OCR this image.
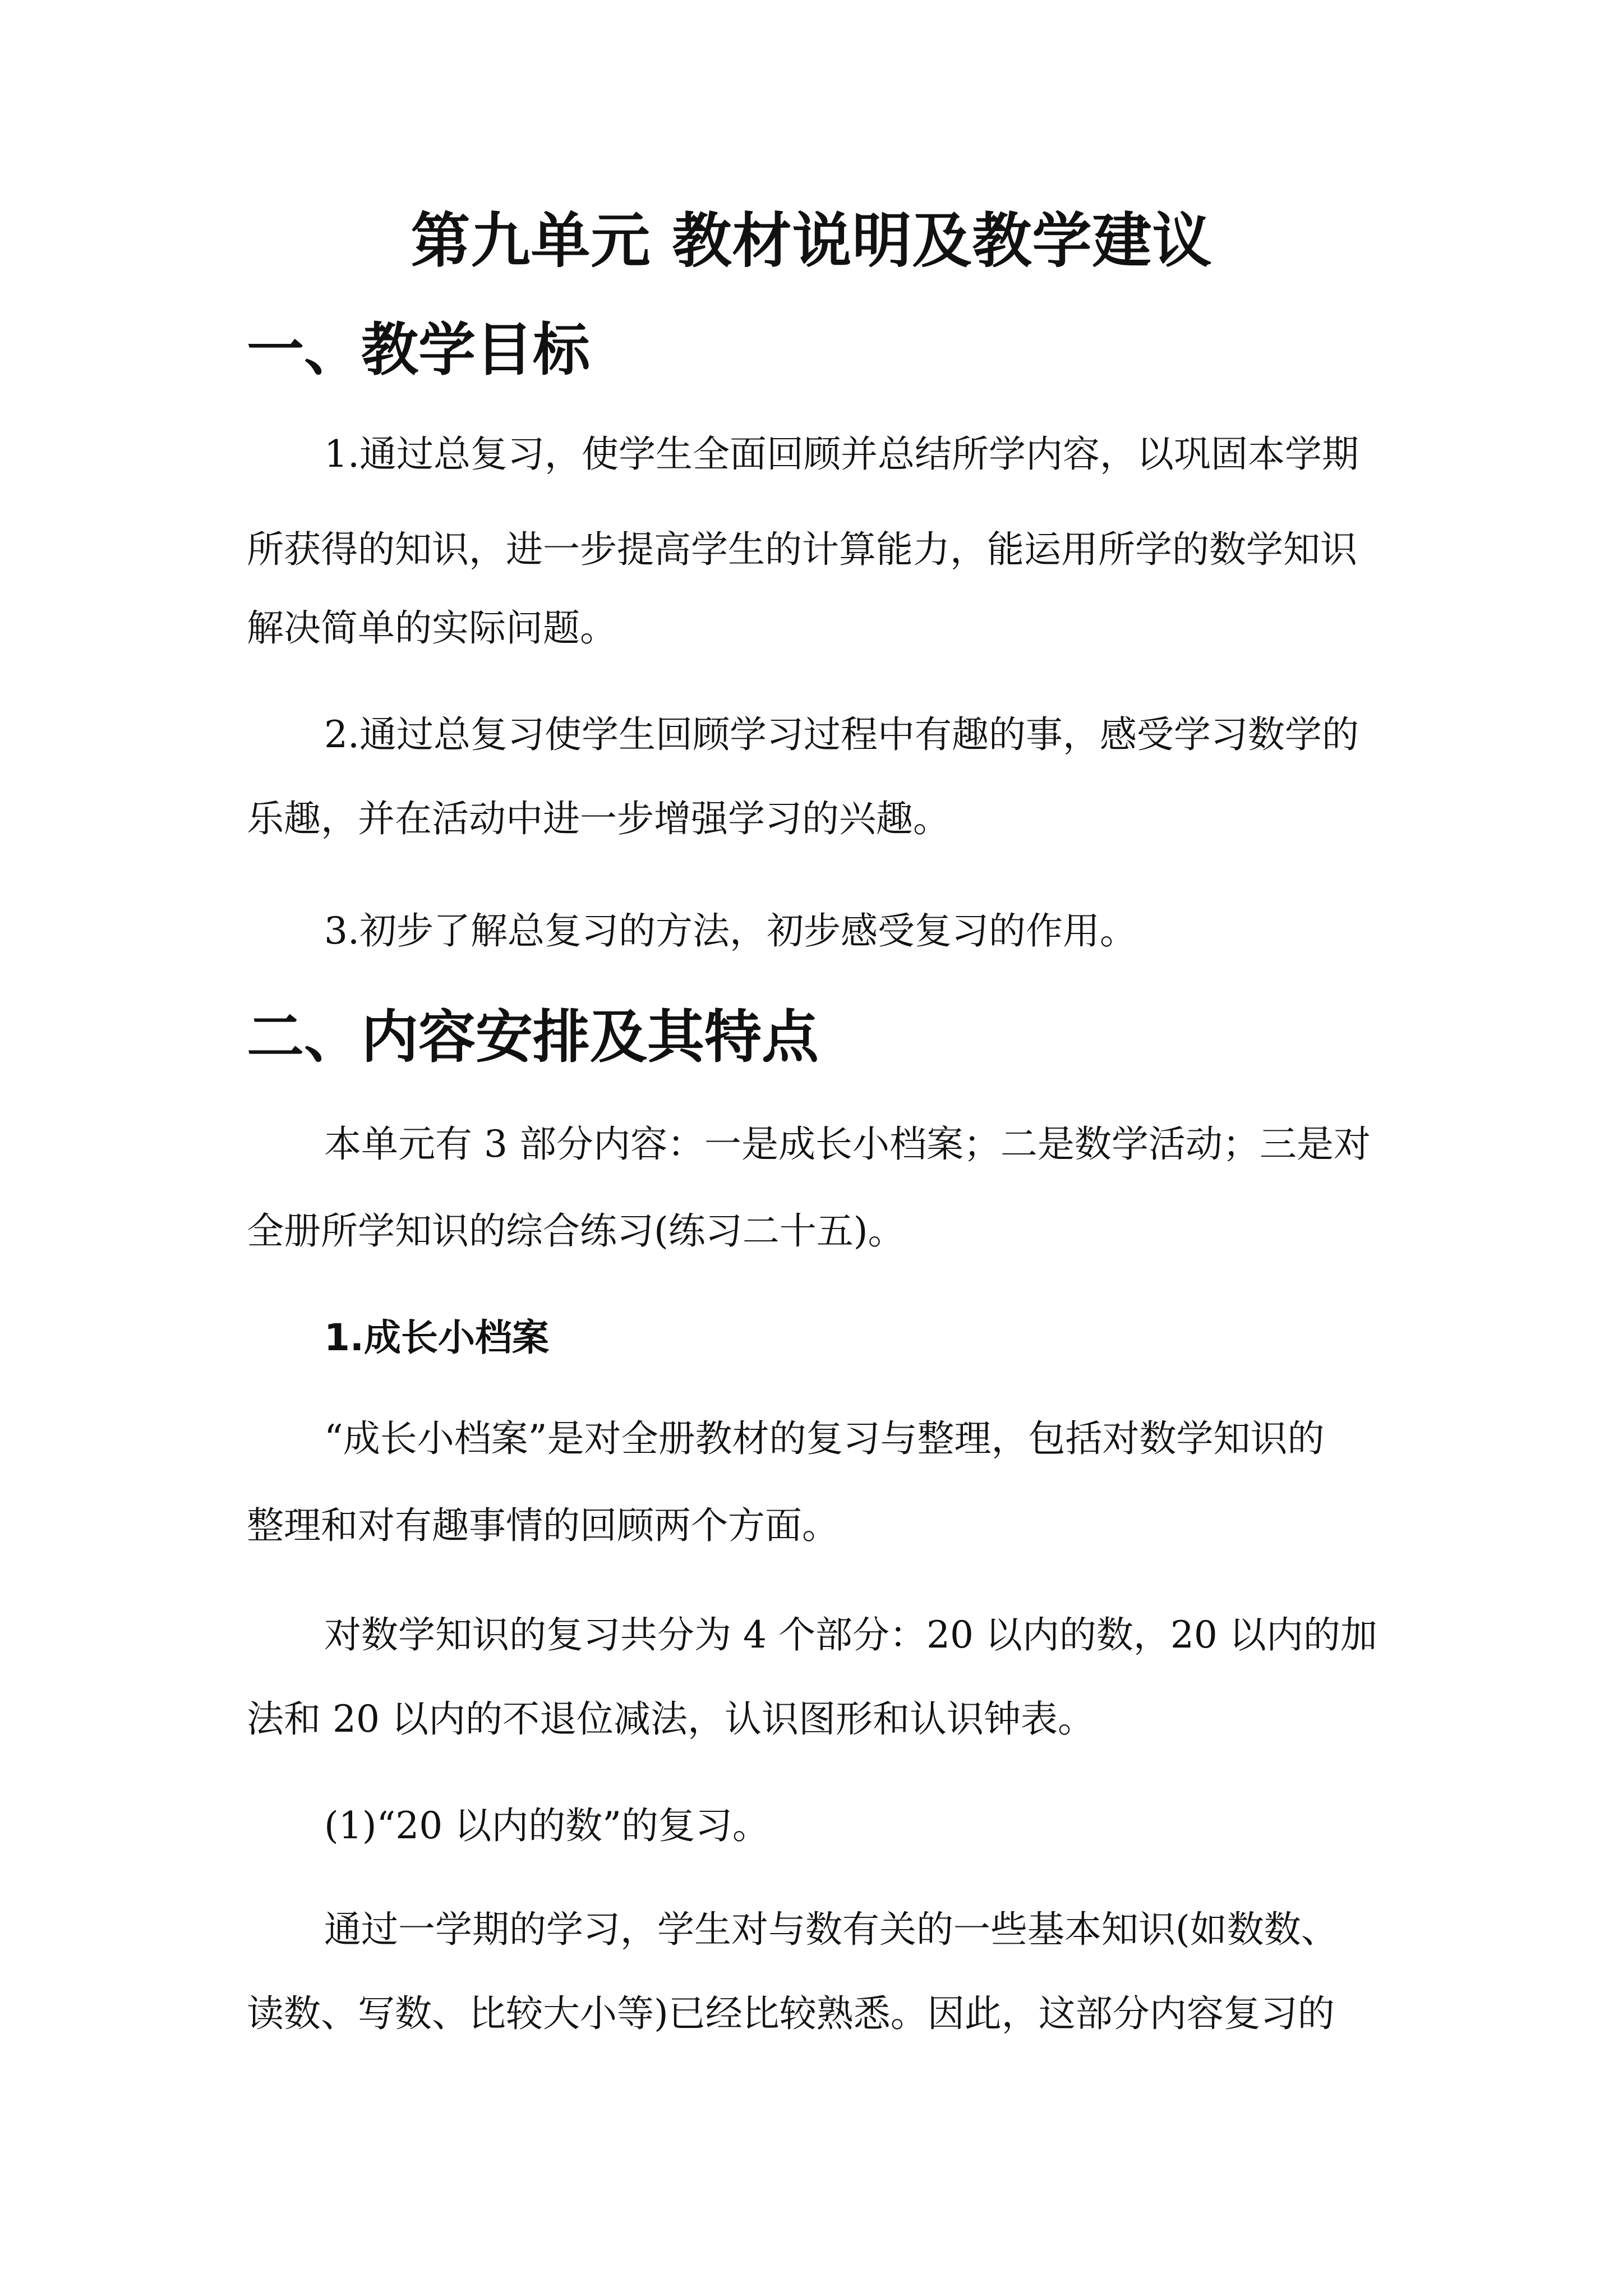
第九单元 教材说明及教学建议
一、教学目标
1.通过总复习，使学生全面回顾并总结所学内容，以巩固本学期
所获得的知识，进一步提高学生的计算能力，能运用所学的数学知识
解决简单的实际问题。
2.通过总复习使学生回顾学习过程中有趣的事，感受学习数学的
乐趣，并在活动中进一步增强学习的兴趣。
3.初步了解总复习的方法，初步感受复习的作用。
二、内容安排及其特点
本单元有 3 部分内容：一是成长小档案；二是数学活动；三是对
全册所学知识的综合练习(练习二十五)。
1.成长小档案
“成长小档案”是对全册教材的复习与整理，包括对数学知识的
整理和对有趣事情的回顾两个方面。
对数学知识的复习共分为 4 个部分：20 以内的数，20 以内的加
法和 20 以内的不退位减法，认识图形和认识钟表。
(1)“20 以内的数”的复习。
通过一学期的学习，学生对与数有关的一些基本知识(如数数、
读数、写数、比较大小等)已经比较熟悉。因此，这部分内容复习的
